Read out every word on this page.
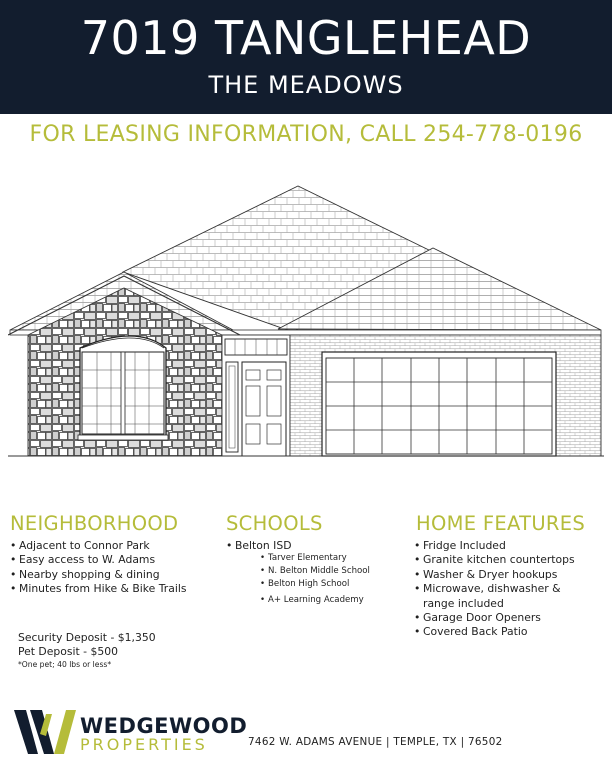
7019 TANGLEHEAD
THE MEADOWS
FOR LEASING INFORMATION, CALL 254-778-0196
NEIGHBORHOOD
• Adjacent to Connor Park
• Easy access to W. Adams
• Nearby shopping & dining
• Minutes from Hike & Bike Trails
SCHOOLS
• Belton ISD
• Tarver Elementary
• N. Belton Middle School
• Belton High School
• A+ Learning Academy
HOME FEATURES
• Fridge Included
• Granite kitchen countertops
• Washer & Dryer hookups
• Microwave, dishwasher &
range included
• Garage Door Openers
• Covered Back Patio
Security Deposit - $1,350
Pet Deposit - $500
*One pet; 40 lbs or less*
WEDGEWOOD
PROPERTIES	7462 W. ADAMS AVENUE | TEMPLE, TX | 76502
